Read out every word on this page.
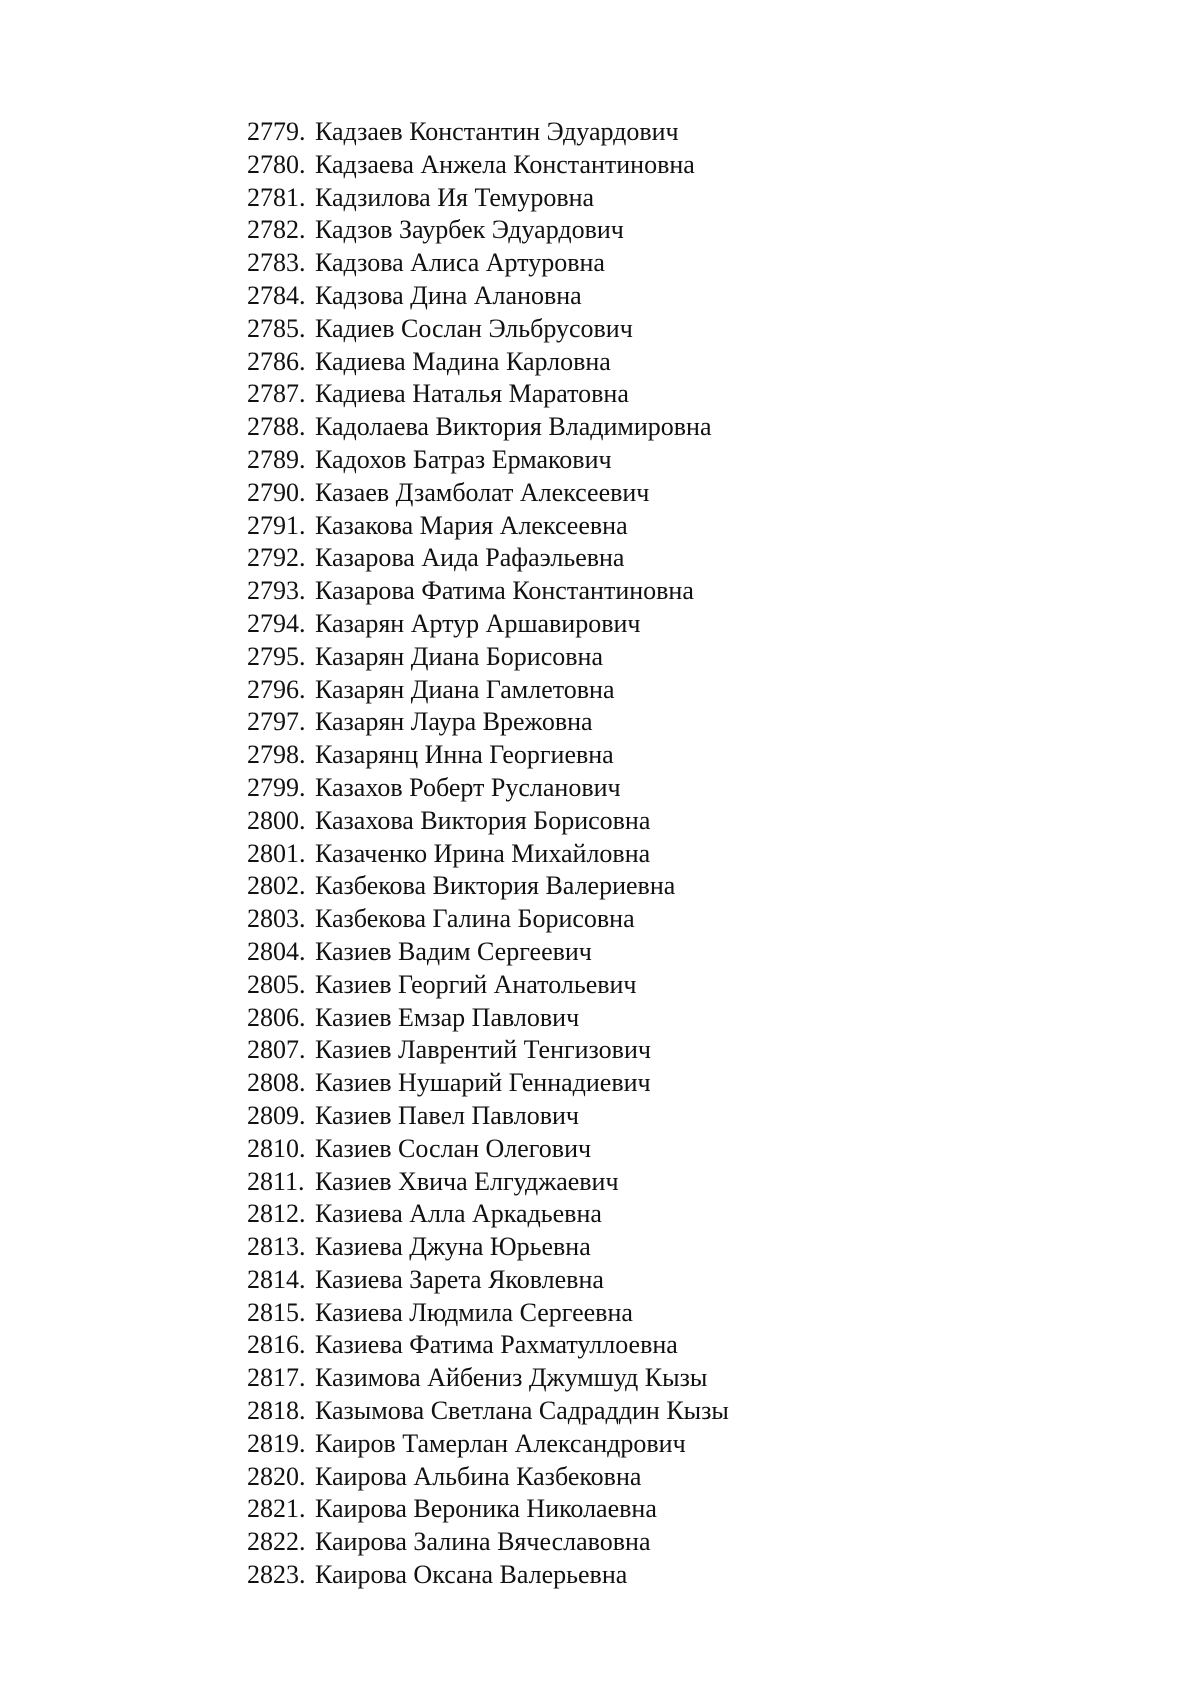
2779. Кадзаев Константин Эдуардович
2780. Кадзаева Анжела Константиновна
2781. Кадзилова Ия Темуровна
2782. Кадзов Заурбек Эдуардович
2783. Кадзова Алиса Артуровна
2784. Кадзова Дина Алановна
2785. Кадиев Сослан Эльбрусович
2786. Кадиева Мадина Карловна
2787. Кадиева Наталья Маратовна
2788. Кадолаева Виктория Владимировна
2789. Кадохов Батраз Ермакович
2790. Казаев Дзамболат Алексеевич
2791. Казакова Мария Алексеевна
2792. Казарова Аида Рафаэльевна
2793. Казарова Фатима Константиновна
2794. Казарян Артур Аршавирович
2795. Казарян Диана Борисовна
2796. Казарян Диана Гамлетовна
2797. Казарян Лаура Врежовна
2798. Казарянц Инна Георгиевна
2799. Казахов Роберт Русланович
2800. Казахова Виктория Борисовна
2801. Казаченко Ирина Михайловна
2802. Казбекова Виктория Валериевна
2803. Казбекова Галина Борисовна
2804. Казиев Вадим Сергеевич
2805. Казиев Георгий Анатольевич
2806. Казиев Емзар Павлович
2807. Казиев Лаврентий Тенгизович
2808. Казиев Нушарий Геннадиевич
2809. Казиев Павел Павлович
2810. Казиев Сослан Олегович
2811. Казиев Хвича Елгуджаевич
2812. Казиева Алла Аркадьевна
2813. Казиева Джуна Юрьевна
2814. Казиева Зарета Яковлевна
2815. Казиева Людмила Сергеевна
2816. Казиева Фатима Рахматуллоевна
2817. Казимова Айбениз Джумшуд Кызы
2818. Казымова Светлана Садраддин Кызы
2819. Каиров Тамерлан Александрович
2820. Каирова Альбина Казбековна
2821. Каирова Вероника Николаевна
2822. Каирова Залина Вячеславовна
2823. Каирова Оксана Валерьевна
